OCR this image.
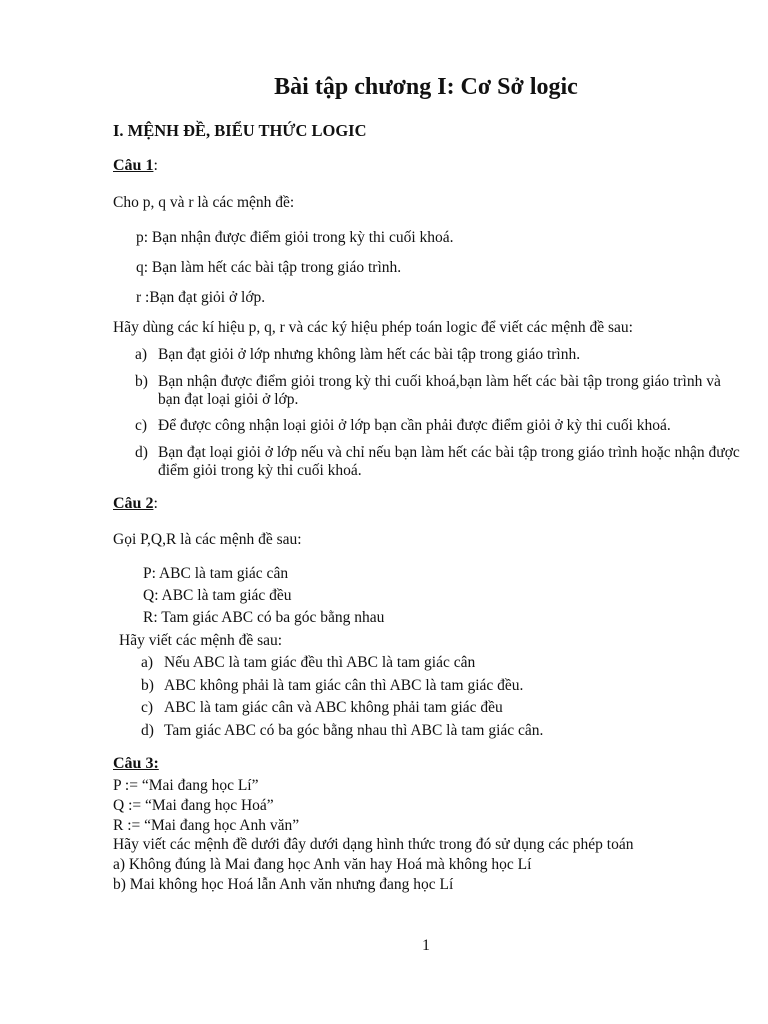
Bài tập chương I: Cơ Sở logic
I. MỆNH ĐỀ, BIỂU THỨC LOGIC
Câu 1:
Cho p, q và r là các mệnh đề:
p: Bạn nhận được điểm giỏi trong kỳ thi cuối khoá.
q: Bạn làm hết các bài tập trong giáo trình.
r :Bạn đạt giỏi ở lớp.
Hãy dùng các kí hiệu p, q, r và các ký hiệu phép toán logic để viết các mệnh đề sau:
a) Bạn đạt giỏi ở lớp nhưng không làm hết các bài tập trong giáo trình.
b) Bạn nhận được điểm giỏi trong kỳ thi cuối khoá,bạn làm hết các bài tập trong giáo trình và bạn đạt loại giỏi ở lớp.
c) Để được công nhận loại giỏi ở lớp bạn cần phải được điểm giỏi ở kỳ thi cuối khoá.
d) Bạn đạt loại giỏi ở lớp nếu và chỉ nếu bạn làm hết các bài tập trong giáo trình hoặc nhận được điểm giỏi trong kỳ thi cuối khoá.
Câu 2:
Gọi P,Q,R là các mệnh đề sau:
P: ABC là tam giác cân
Q: ABC là tam giác đều
R: Tam giác ABC có ba góc bằng nhau
Hãy viết các mệnh đề sau:
a) Nếu ABC là tam giác đều thì ABC là tam giác cân
b) ABC không phải là tam giác cân thì ABC là tam giác đều.
c) ABC là tam giác cân và ABC không phải tam giác đều
d) Tam giác ABC có ba góc bằng nhau thì ABC là tam giác cân.
Câu 3:
P := “Mai đang học Lí”
Q := “Mai đang học Hoá”
R := “Mai đang học Anh văn”
Hãy viết các mệnh đề dưới đây dưới dạng hình thức trong đó sử dụng các phép toán
a) Không đúng là Mai đang học Anh văn hay Hoá mà không học Lí
b) Mai không học Hoá lẫn Anh văn nhưng đang học Lí
1
